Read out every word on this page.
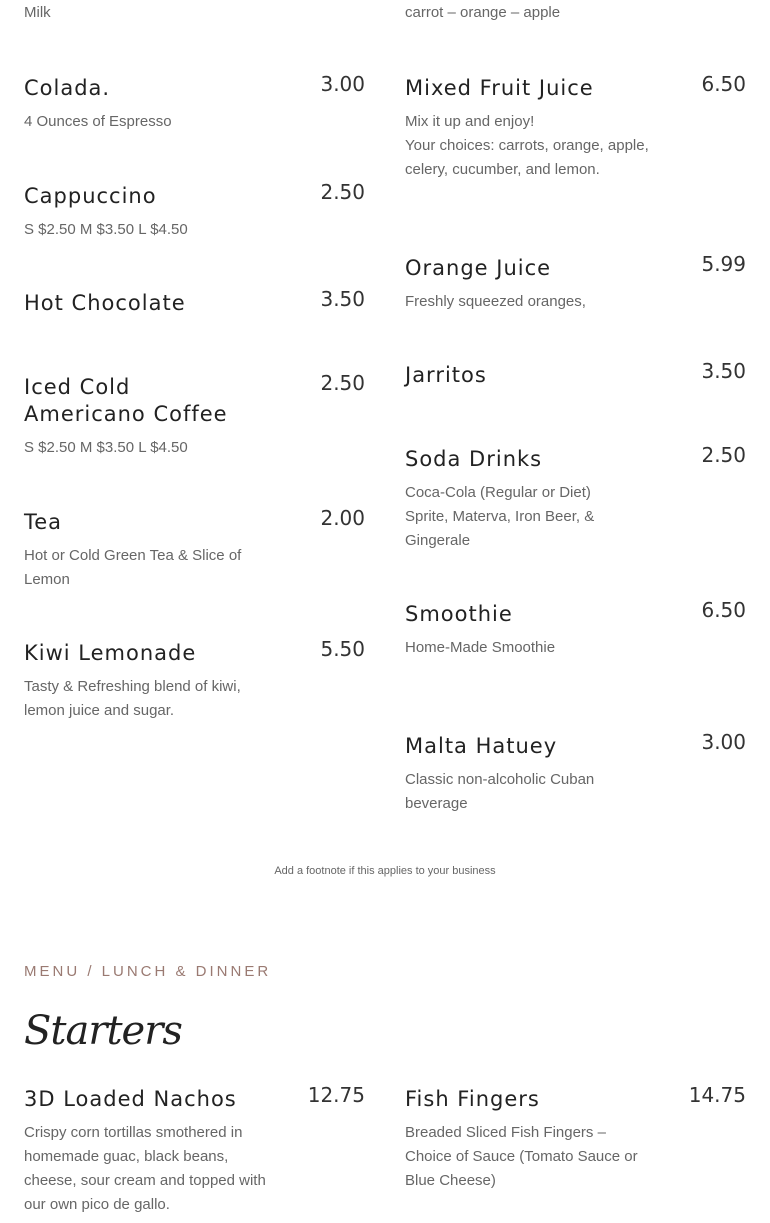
Milk	carrot – orange – apple
Colada.	3.00
4 Ounces of Espresso
Cappuccino	2.50
S $2.50 M $3.50 L $4.50
Hot Chocolate	3.50
Iced Cold Americano Coffee
2.50
S $2.50 M $3.50 L $4.50
Tea	2.00
Hot or Cold Green Tea & Slice of Lemon
Kiwi Lemonade	5.50
Tasty & Refreshing blend of kiwi, lemon juice and sugar.
Mixed Fruit Juice	6.50
Mix it up and enjoy!
Your choices: carrots, orange, apple, celery, cucumber, and lemon.
Orange Juice	5.99
Freshly squeezed oranges,
Jarritos	3.50
Soda Drinks	2.50
Coca-Cola (Regular or Diet)
Sprite, Materva, Iron Beer, & Gingerale
Smoothie	6.50
Home-Made Smoothie
Malta Hatuey	3.00
Classic non-alcoholic Cuban beverage
Add a footnote if this applies to your business
MENU / LUNCH & DINNER
Starters
3D Loaded Nachos	12.75
Crispy corn tortillas smothered in homemade guac, black beans, cheese, sour cream and topped with our own pico de gallo.
Fish Fingers	14.75
Breaded Sliced Fish Fingers – Choice of Sauce (Tomato Sauce or Blue Cheese)
